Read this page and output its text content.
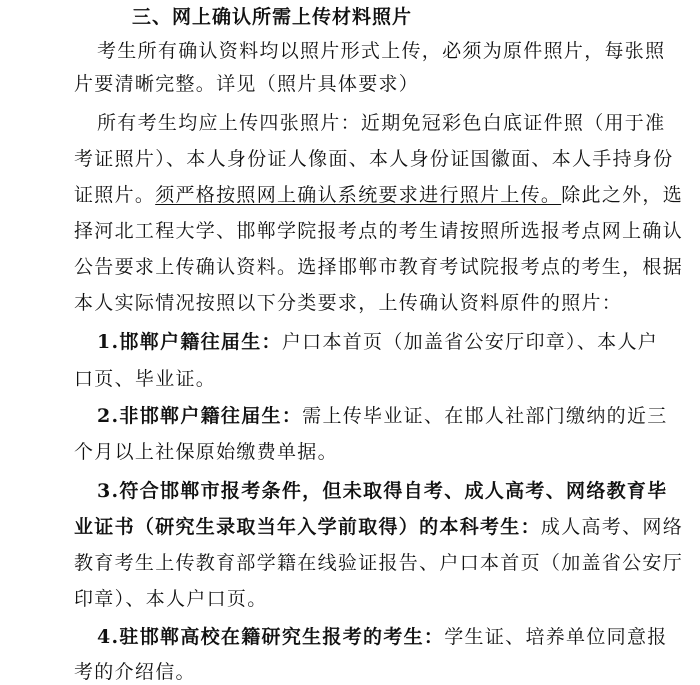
三、网上确认所需上传材料照片
考生所有确认资料均以照片形式上传，必须为原件照片，每张照
片要清晰完整。详见（照片具体要求）
所有考生均应上传四张照片：近期免冠彩色白底证件照（用于准
考证照片）、本人身份证人像面、本人身份证国徽面、本人手持身份
证照片。须严格按照网上确认系统要求进行照片上传。除此之外，选
择河北工程大学、邯郸学院报考点的考生请按照所选报考点网上确认
公告要求上传确认资料。选择邯郸市教育考试院报考点的考生，根据
本人实际情况按照以下分类要求，上传确认资料原件的照片：
1.邯郸户籍往届生：户口本首页（加盖省公安厅印章）、本人户
口页、毕业证。
2.非邯郸户籍往届生：需上传毕业证、在邯人社部门缴纳的近三
个月以上社保原始缴费单据。
3.符合邯郸市报考条件，但未取得自考、成人高考、网络教育毕
业证书（研究生录取当年入学前取得）的本科考生：成人高考、网络
教育考生上传教育部学籍在线验证报告、户口本首页（加盖省公安厅
印章）、本人户口页。
4.驻邯郸高校在籍研究生报考的考生：学生证、培养单位同意报
考的介绍信。
